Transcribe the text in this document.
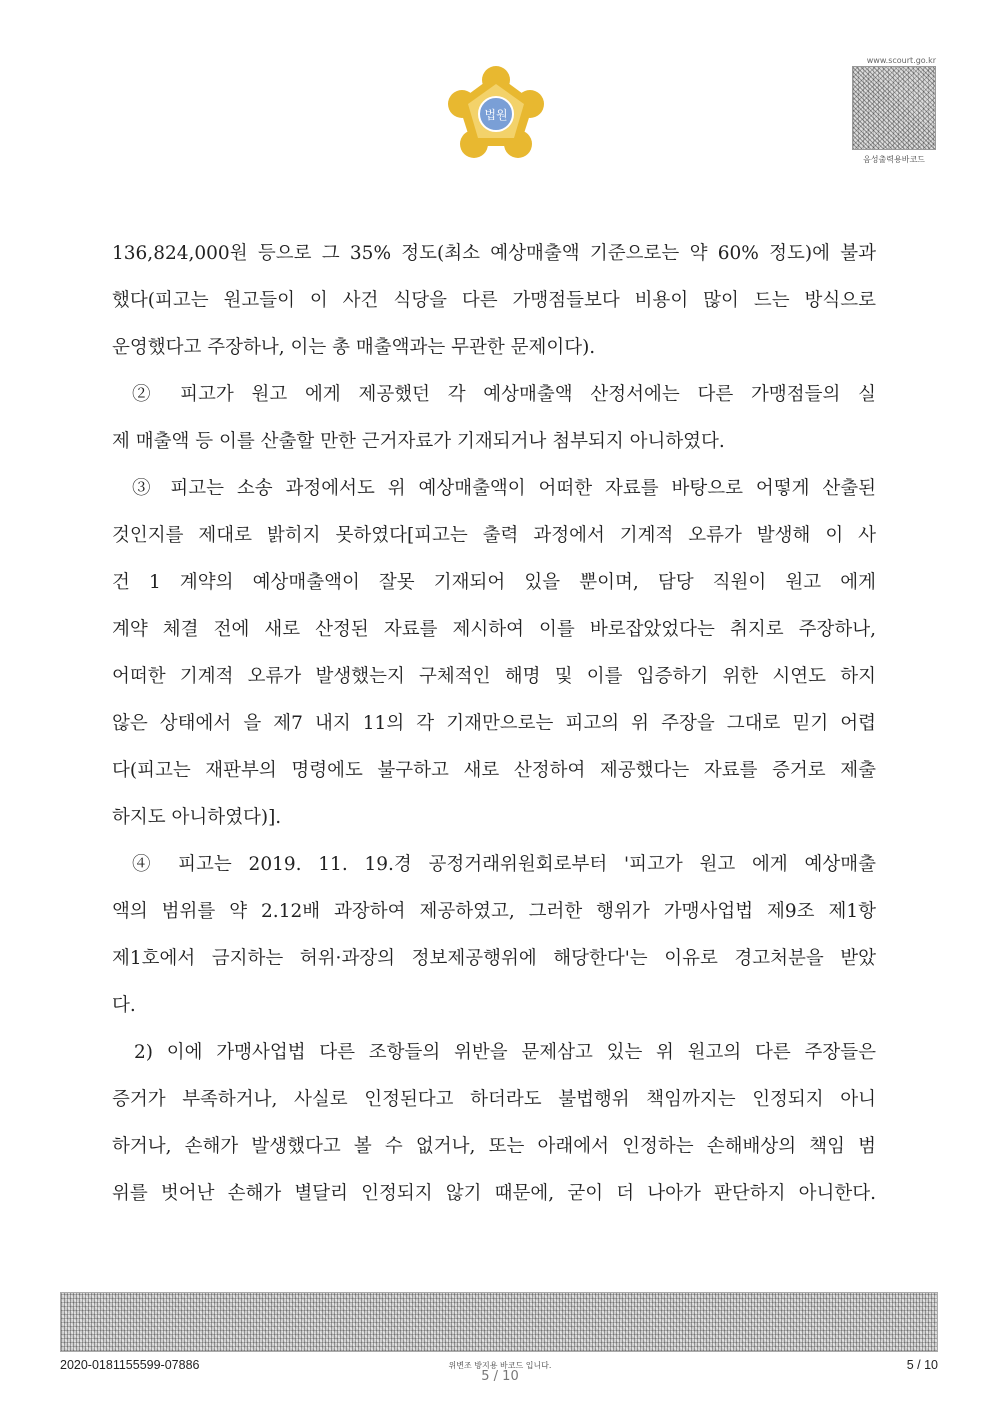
법원
www.scourt.go.kr
음성출력용바코드
136,824,000원 등으로 그 35% 정도(최소 예상매출액 기준으로는 약 60% 정도)에 불과
했다(피고는 원고들이 이 사건 식당을 다른 가맹점들보다 비용이 많이 드는 방식으로
운영했다고 주장하나, 이는 총 매출액과는 무관한 문제이다).
② 피고가 원고 에게 제공했던 각 예상매출액 산정서에는 다른 가맹점들의 실
제 매출액 등 이를 산출할 만한 근거자료가 기재되거나 첨부되지 아니하였다.
③ 피고는 소송 과정에서도 위 예상매출액이 어떠한 자료를 바탕으로 어떻게 산출된
것인지를 제대로 밝히지 못하였다[피고는 출력 과정에서 기계적 오류가 발생해 이 사
건 1 계약의 예상매출액이 잘못 기재되어 있을 뿐이며, 담당 직원이 원고 에게
계약 체결 전에 새로 산정된 자료를 제시하여 이를 바로잡았었다는 취지로 주장하나,
어떠한 기계적 오류가 발생했는지 구체적인 해명 및 이를 입증하기 위한 시연도 하지
않은 상태에서 을 제7 내지 11의 각 기재만으로는 피고의 위 주장을 그대로 믿기 어렵
다(피고는 재판부의 명령에도 불구하고 새로 산정하여 제공했다는 자료를 증거로 제출
하지도 아니하였다)].
④ 피고는 2019. 11. 19.경 공정거래위원회로부터 '피고가 원고 에게 예상매출
액의 범위를 약 2.12배 과장하여 제공하였고, 그러한 행위가 가맹사업법 제9조 제1항
제1호에서 금지하는 허위·과장의 정보제공행위에 해당한다'는 이유로 경고처분을 받았
다.
2) 이에 가맹사업법 다른 조항들의 위반을 문제삼고 있는 위 원고의 다른 주장들은
증거가 부족하거나, 사실로 인정된다고 하더라도 불법행위 책임까지는 인정되지 아니
하거나, 손해가 발생했다고 볼 수 없거나, 또는 아래에서 인정하는 손해배상의 책임 범
위를 벗어난 손해가 별달리 인정되지 않기 때문에, 굳이 더 나아가 판단하지 아니한다.
2020-0181155599-07886	위변조 방지용 바코드 입니다.
5 / 10
5 / 10
